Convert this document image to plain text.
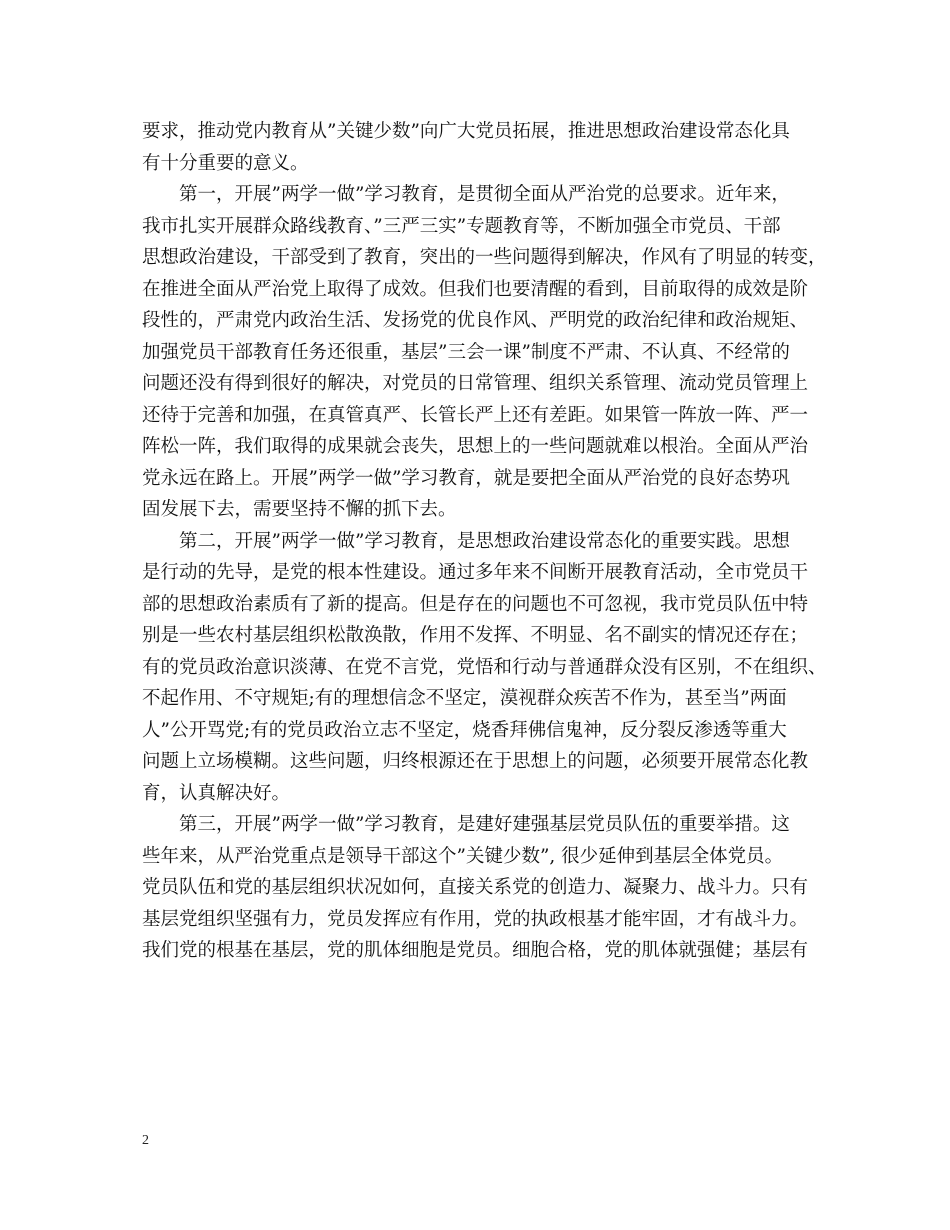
要求，推动党内教育从”关键少数”向广大党员拓展，推进思想政治建设常态化具
有十分重要的意义。
第一，开展”两学一做”学习教育，是贯彻全面从严治党的总要求。近年来，
我市扎实开展群众路线教育、”三严三实”专题教育等，不断加强全市党员、干部
思想政治建设，干部受到了教育，突出的一些问题得到解决，作风有了明显的转变，
在推进全面从严治党上取得了成效。但我们也要清醒的看到，目前取得的成效是阶
段性的，严肃党内政治生活、发扬党的优良作风、严明党的政治纪律和政治规矩、
加强党员干部教育任务还很重，基层”三会一课”制度不严肃、不认真、不经常的
问题还没有得到很好的解决，对党员的日常管理、组织关系管理、流动党员管理上
还待于完善和加强，在真管真严、长管长严上还有差距。如果管一阵放一阵、严一
阵松一阵，我们取得的成果就会丧失，思想上的一些问题就难以根治。全面从严治
党永远在路上。开展”两学一做”学习教育，就是要把全面从严治党的良好态势巩
固发展下去，需要坚持不懈的抓下去。
第二，开展”两学一做”学习教育，是思想政治建设常态化的重要实践。思想
是行动的先导，是党的根本性建设。通过多年来不间断开展教育活动，全市党员干
部的思想政治素质有了新的提高。但是存在的问题也不可忽视，我市党员队伍中特
别是一些农村基层组织松散涣散，作用不发挥、不明显、名不副实的情况还存在；
有的党员政治意识淡薄、在党不言党，党悟和行动与普通群众没有区别，不在组织、
不起作用、不守规矩;有的理想信念不坚定，漠视群众疾苦不作为，甚至当”两面
人”公开骂党;有的党员政治立志不坚定，烧香拜佛信鬼神，反分裂反渗透等重大
问题上立场模糊。这些问题，归终根源还在于思想上的问题，必须要开展常态化教
育，认真解决好。
第三，开展”两学一做”学习教育，是建好建强基层党员队伍的重要举措。这
些年来，从严治党重点是领导干部这个”关键少数”, 很少延伸到基层全体党员。
党员队伍和党的基层组织状况如何，直接关系党的创造力、凝聚力、战斗力。只有
基层党组织坚强有力，党员发挥应有作用，党的执政根基才能牢固，才有战斗力。
我们党的根基在基层，党的肌体细胞是党员。细胞合格，党的肌体就强健；基层有
2
